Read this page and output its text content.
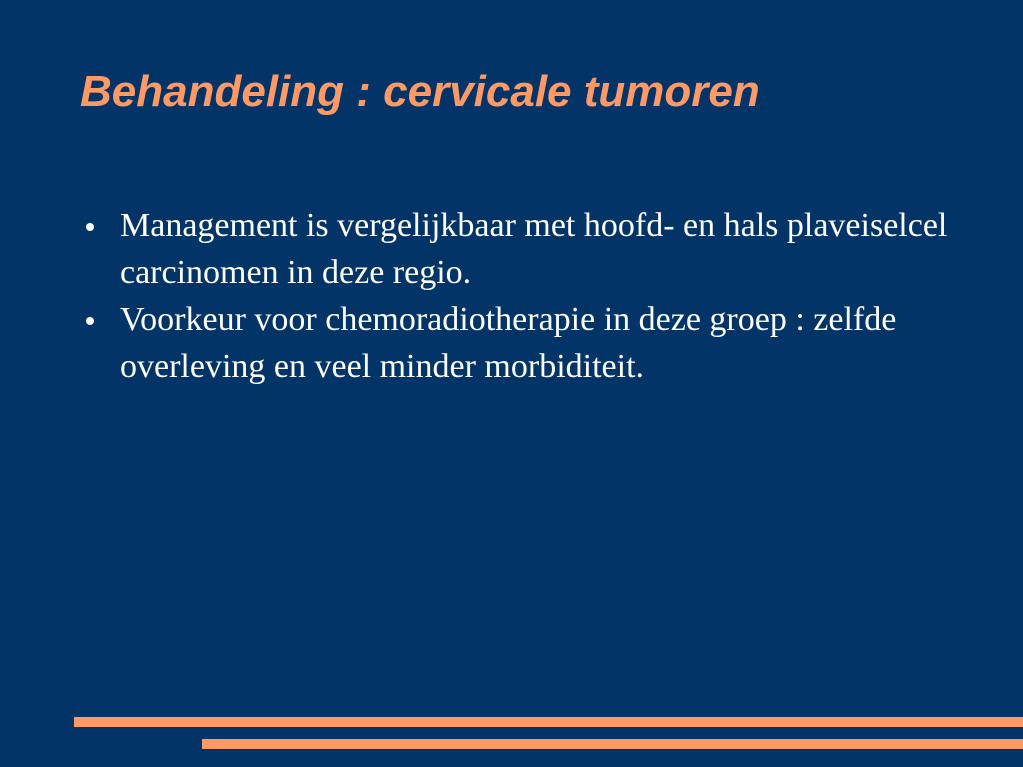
Behandeling : cervicale tumoren
Management is vergelijkbaar met hoofd- en hals plaveiselcel carcinomen in deze regio.
Voorkeur voor chemoradiotherapie in deze groep : zelfde overleving en veel minder morbiditeit.
